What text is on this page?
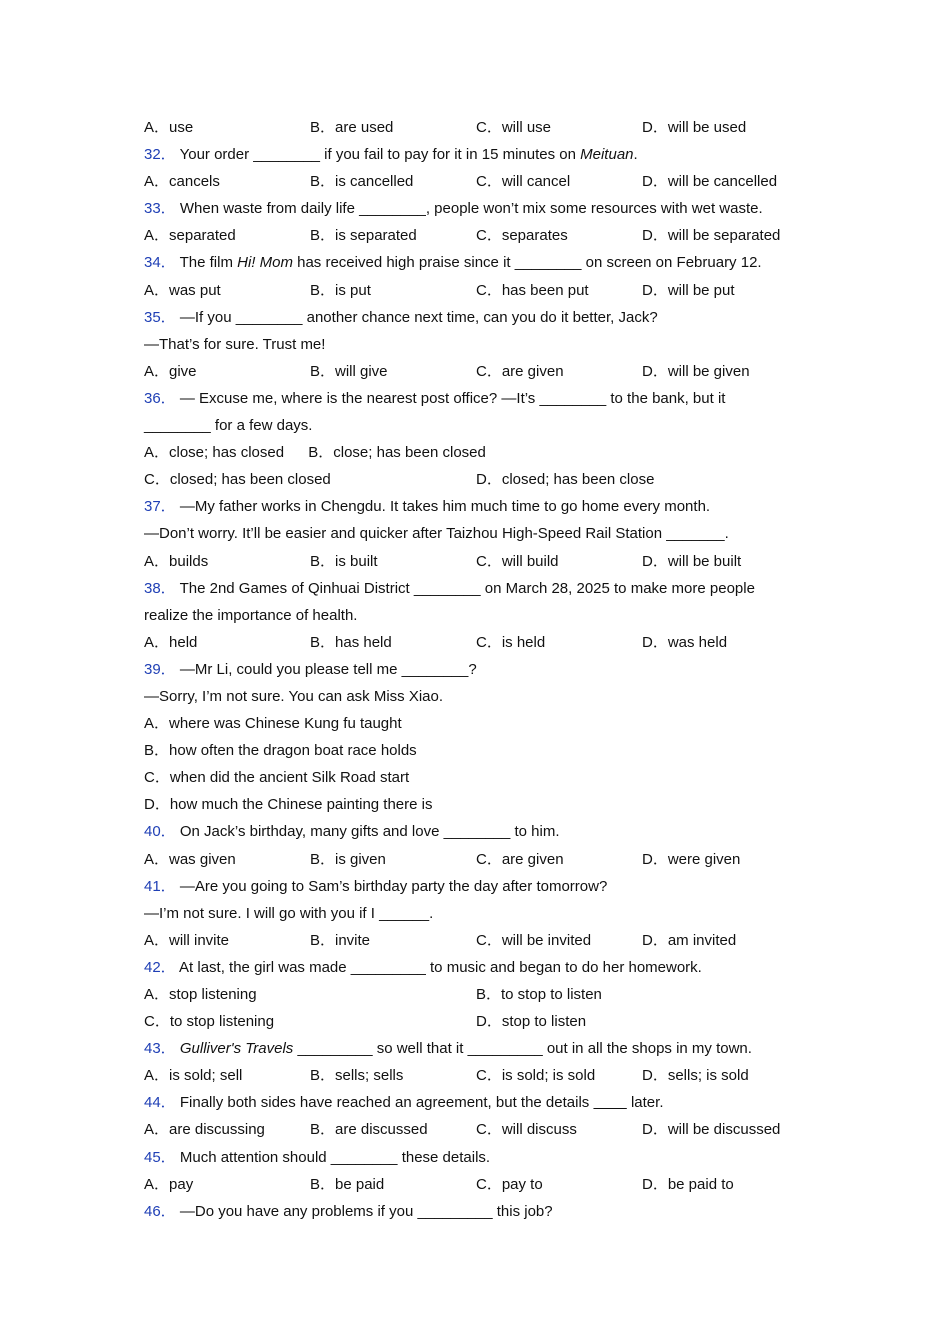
A．use	B．are used	C．will use	D．will be used
32． Your order ________ if you fail to pay for it in 15 minutes on Meituan.
A．cancels	B．is cancelled	C．will cancel	D．will be cancelled
33． When waste from daily life ________, people won’t mix some resources with wet waste.
A．separated	B．is separated	C．separates	D．will be separated
34． The film Hi! Mom has received high praise since it ________ on screen on February 12.
A．was put	B．is put	C．has been put	D．will be put
35． —If you ________ another chance next time, can you do it better, Jack?
—That’s for sure. Trust me!
A．give	B．will give	C．are given	D．will be given
36． — Excuse me, where is the nearest post office? —It’s ________ to the bank, but it
________ for a few days.
A．close; has closed B．close; has been closed
C．closed; has been closed	D．closed; has been close
37． —My father works in Chengdu. It takes him much time to go home every month.
—Don’t worry. It’ll be easier and quicker after Taizhou High-Speed Rail Station _______.
A．builds	B．is built	C．will build	D．will be built
38． The 2nd Games of Qinhuai District ________ on March 28, 2025 to make more people
realize the importance of health.
A．held	B．has held	C．is held	D．was held
39． —Mr Li, could you please tell me ________?
—Sorry, I’m not sure. You can ask Miss Xiao.
A．where was Chinese Kung fu taught
B．how often the dragon boat race holds
C．when did the ancient Silk Road start
D．how much the Chinese painting there is
40． On Jack’s birthday, many gifts and love ________ to him.
A．was given	B．is given	C．are given	D．were given
41． —Are you going to Sam’s birthday party the day after tomorrow?
—I’m not sure. I will go with you if I ______.
A．will invite	B．invite	C．will be invited	D．am invited
42． At last, the girl was made _________ to music and began to do her homework.
A．stop listening	B．to stop to listen
C．to stop listening	D．stop to listen
43． Gulliver's Travels _________ so well that it _________ out in all the shops in my town.
A．is sold; sell	B．sells; sells	C．is sold; is sold	D．sells; is sold
44． Finally both sides have reached an agreement, but the details          later.
A．are discussing	B．are discussed	C．will discuss	D．will be discussed
45． Much attention should ________ these details.
A．pay	B．be paid	C．pay to	D．be paid to
46． —Do you have any problems if you _________ this job?
